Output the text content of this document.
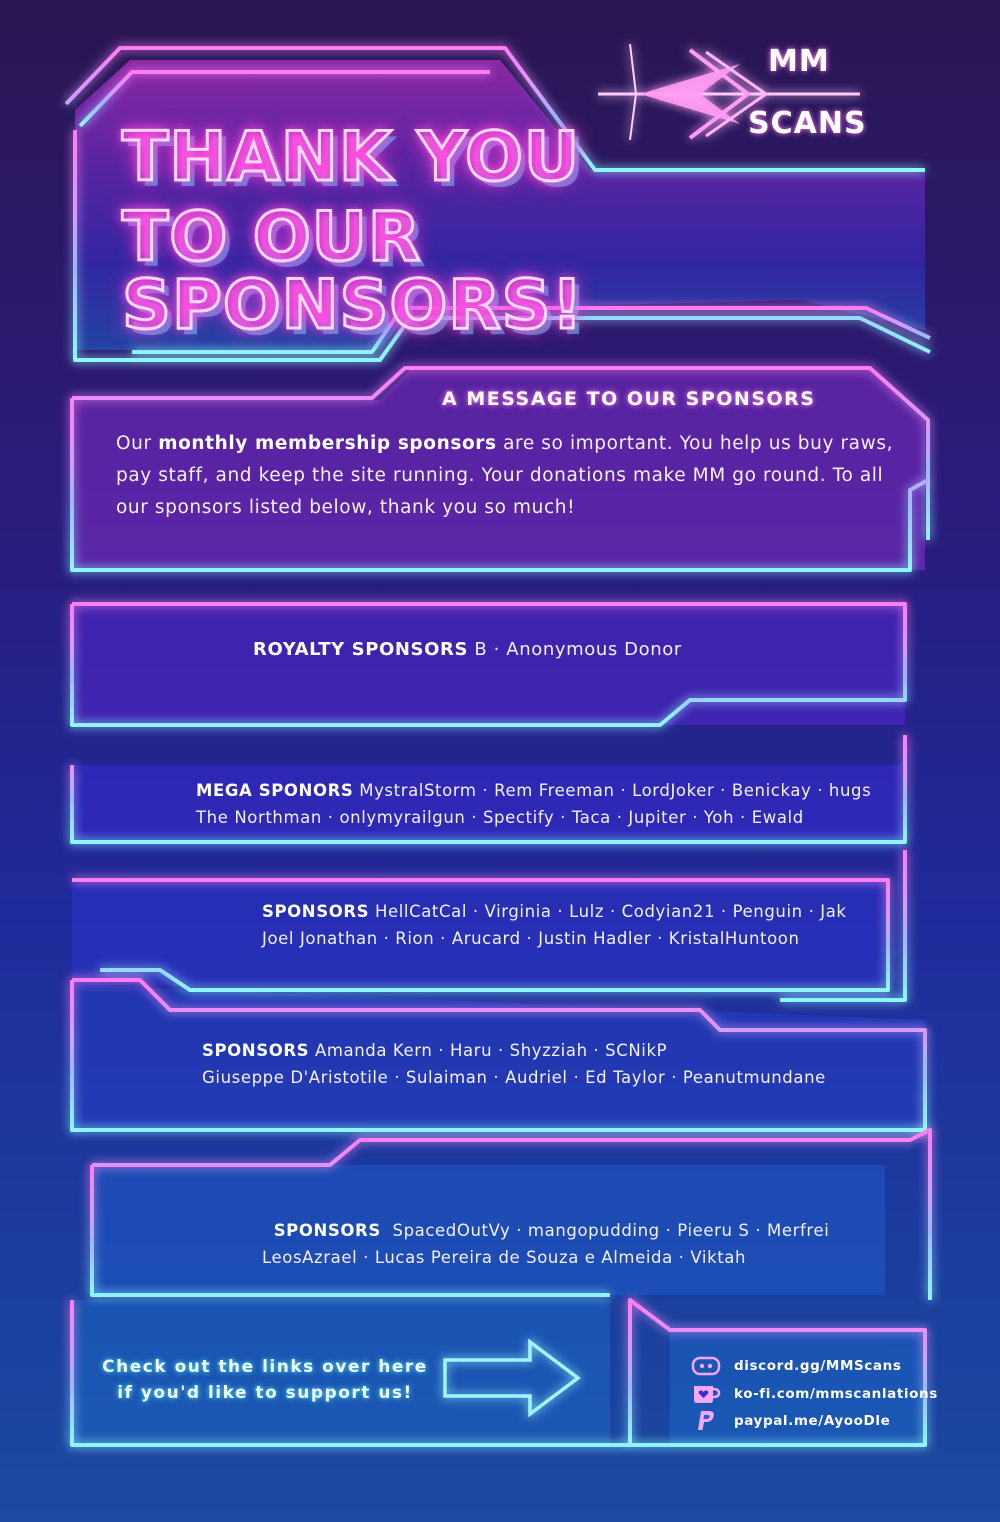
MM
SCANS
THANK YOU
TO OUR SPONSORS!
A MESSAGE TO OUR SPONSORS
Our monthly membership sponsors are so important. You help us buy raws, pay staff, and keep the site running. Your donations make MM go round. To all our sponsors listed below, thank you so much!
ROYALTY SPONSORS B · Anonymous Donor
MEGA SPONORS MystralStorm · Rem Freeman · LordJoker · Benickay · hugs
The Northman · onlymyrailgun · Spectify · Taca · Jupiter · Yoh · Ewald
SPONSORS HellCatCal · Virginia · Lulz · Codyian21 · Penguin · Jak
Joel Jonathan · Rion · Arucard · Justin Hadler · KristalHuntoon
SPONSORS Amanda Kern · Haru · Shyzziah · SCNikP
Giuseppe D'Aristotile · Sulaiman · Audriel · Ed Taylor · Peanutmundane

SPONSORS  SpacedOutVy · mangopudding · Pieeru S · Merfrei
LeosAzrael · Lucas Pereira de Souza e Almeida · Viktah

Check out the links over here
if you'd like to support us!
discord.gg/MMScans
ko-fi.com/mmscanlations
paypal.me/AyooDle
